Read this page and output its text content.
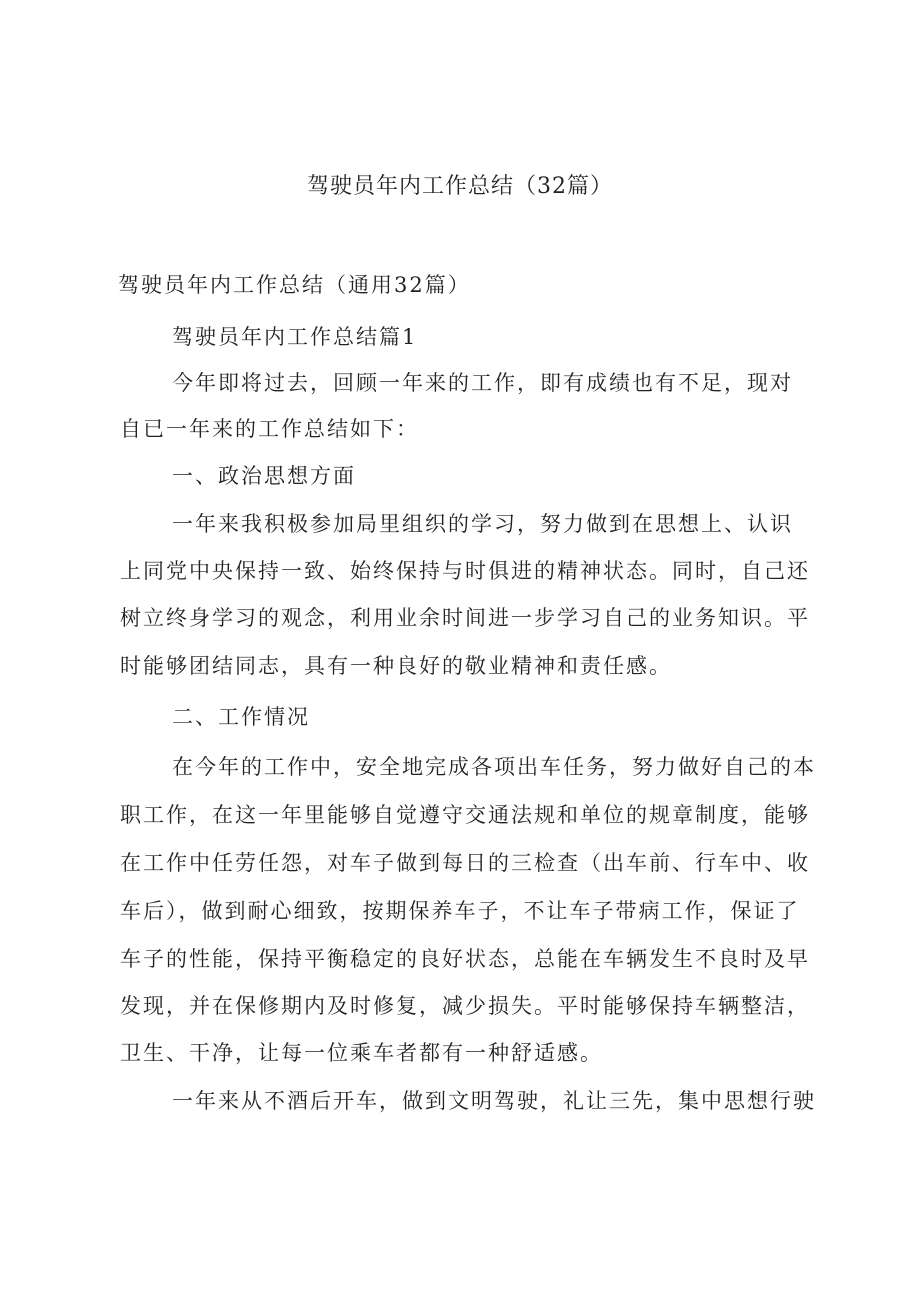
驾驶员年内工作总结（32篇）

驾驶员年内工作总结（通用32篇）

驾驶员年内工作总结篇1

今年即将过去，回顾一年来的工作，即有成绩也有不足，现对

自已一年来的工作总结如下：

一、政治思想方面

一年来我积极参加局里组织的学习，努力做到在思想上、认识

上同党中央保持一致、始终保持与时俱进的精神状态。同时，自己还

树立终身学习的观念，利用业余时间进一步学习自己的业务知识。平

时能够团结同志，具有一种良好的敬业精神和责任感。

二、工作情况

在今年的工作中，安全地完成各项出车任务，努力做好自己的本

职工作，在这一年里能够自觉遵守交通法规和单位的规章制度，能够

在工作中任劳任怨，对车子做到每日的三检查（出车前、行车中、收

车后），做到耐心细致，按期保养车子，不让车子带病工作，保证了

车子的性能，保持平衡稳定的良好状态，总能在车辆发生不良时及早

发现，并在保修期内及时修复，减少损失。平时能够保持车辆整洁，

卫生、干净，让每一位乘车者都有一种舒适感。

一年来从不酒后开车，做到文明驾驶，礼让三先，集中思想行驶
